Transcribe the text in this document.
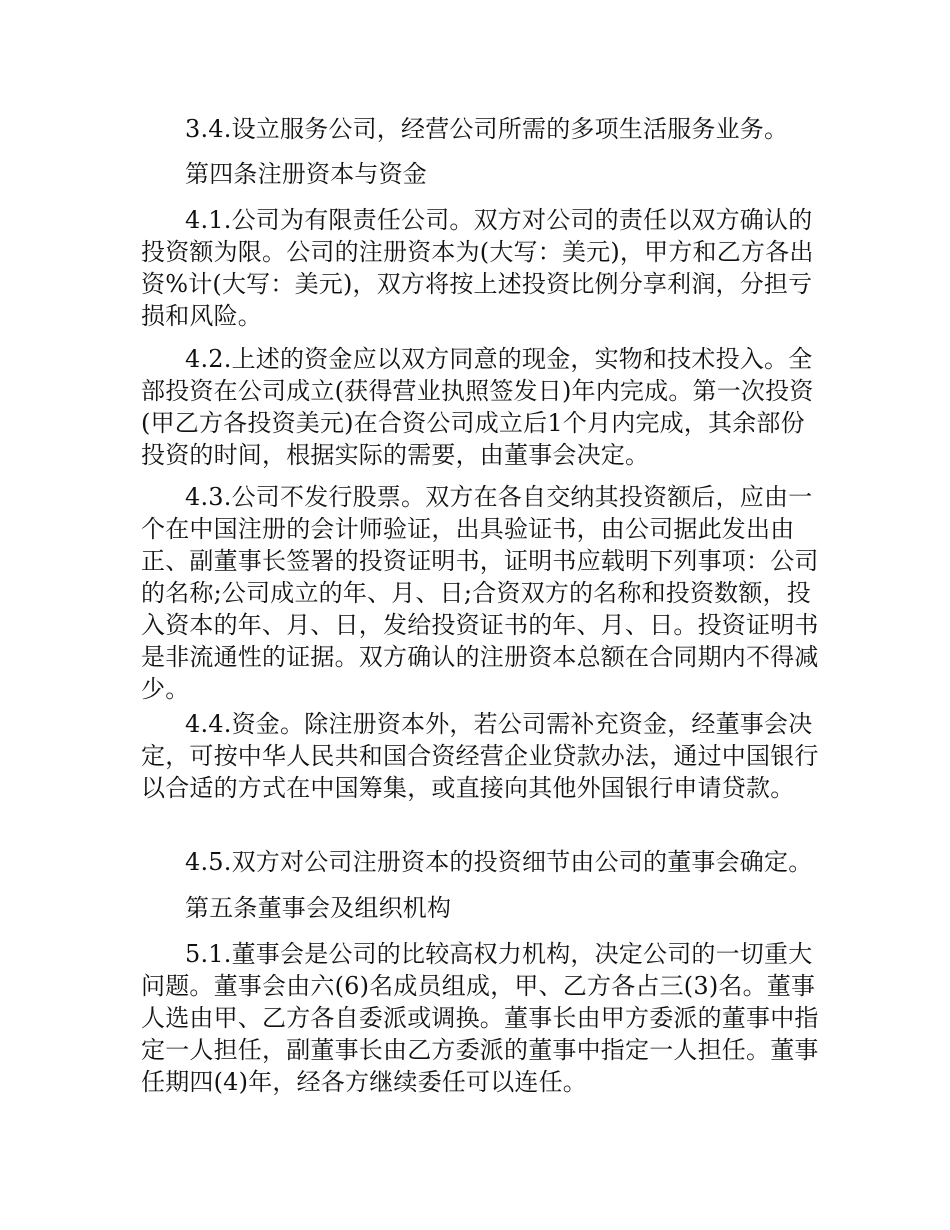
3.4.设立服务公司，经营公司所需的多项生活服务业务。

第四条注册资本与资金

4.1.公司为有限责任公司。双方对公司的责任以双方确认的投资额为限。公司的注册资本为(大写：美元)，甲方和乙方各出资%计(大写：美元)，双方将按上述投资比例分享利润，分担亏损和风险。

4.2.上述的资金应以双方同意的现金，实物和技术投入。全部投资在公司成立(获得营业执照签发日)年内完成。第一次投资(甲乙方各投资美元)在合资公司成立后1个月内完成，其余部份投资的时间，根据实际的需要，由董事会决定。

4.3.公司不发行股票。双方在各自交纳其投资额后，应由一个在中国注册的会计师验证，出具验证书，由公司据此发出由正、副董事长签署的投资证明书，证明书应载明下列事项：公司的名称;公司成立的年、月、日;合资双方的名称和投资数额，投入资本的年、月、日，发给投资证书的年、月、日。投资证明书是非流通性的证据。双方确认的注册资本总额在合同期内不得减少。

4.4.资金。除注册资本外，若公司需补充资金，经董事会决定，可按中华人民共和国合资经营企业贷款办法，通过中国银行以合适的方式在中国筹集，或直接向其他外国银行申请贷款。

4.5.双方对公司注册资本的投资细节由公司的董事会确定。

第五条董事会及组织机构

5.1.董事会是公司的比较高权力机构，决定公司的一切重大问题。董事会由六(6)名成员组成，甲、乙方各占三(3)名。董事人选由甲、乙方各自委派或调换。董事长由甲方委派的董事中指定一人担任，副董事长由乙方委派的董事中指定一人担任。董事任期四(4)年，经各方继续委任可以连任。
